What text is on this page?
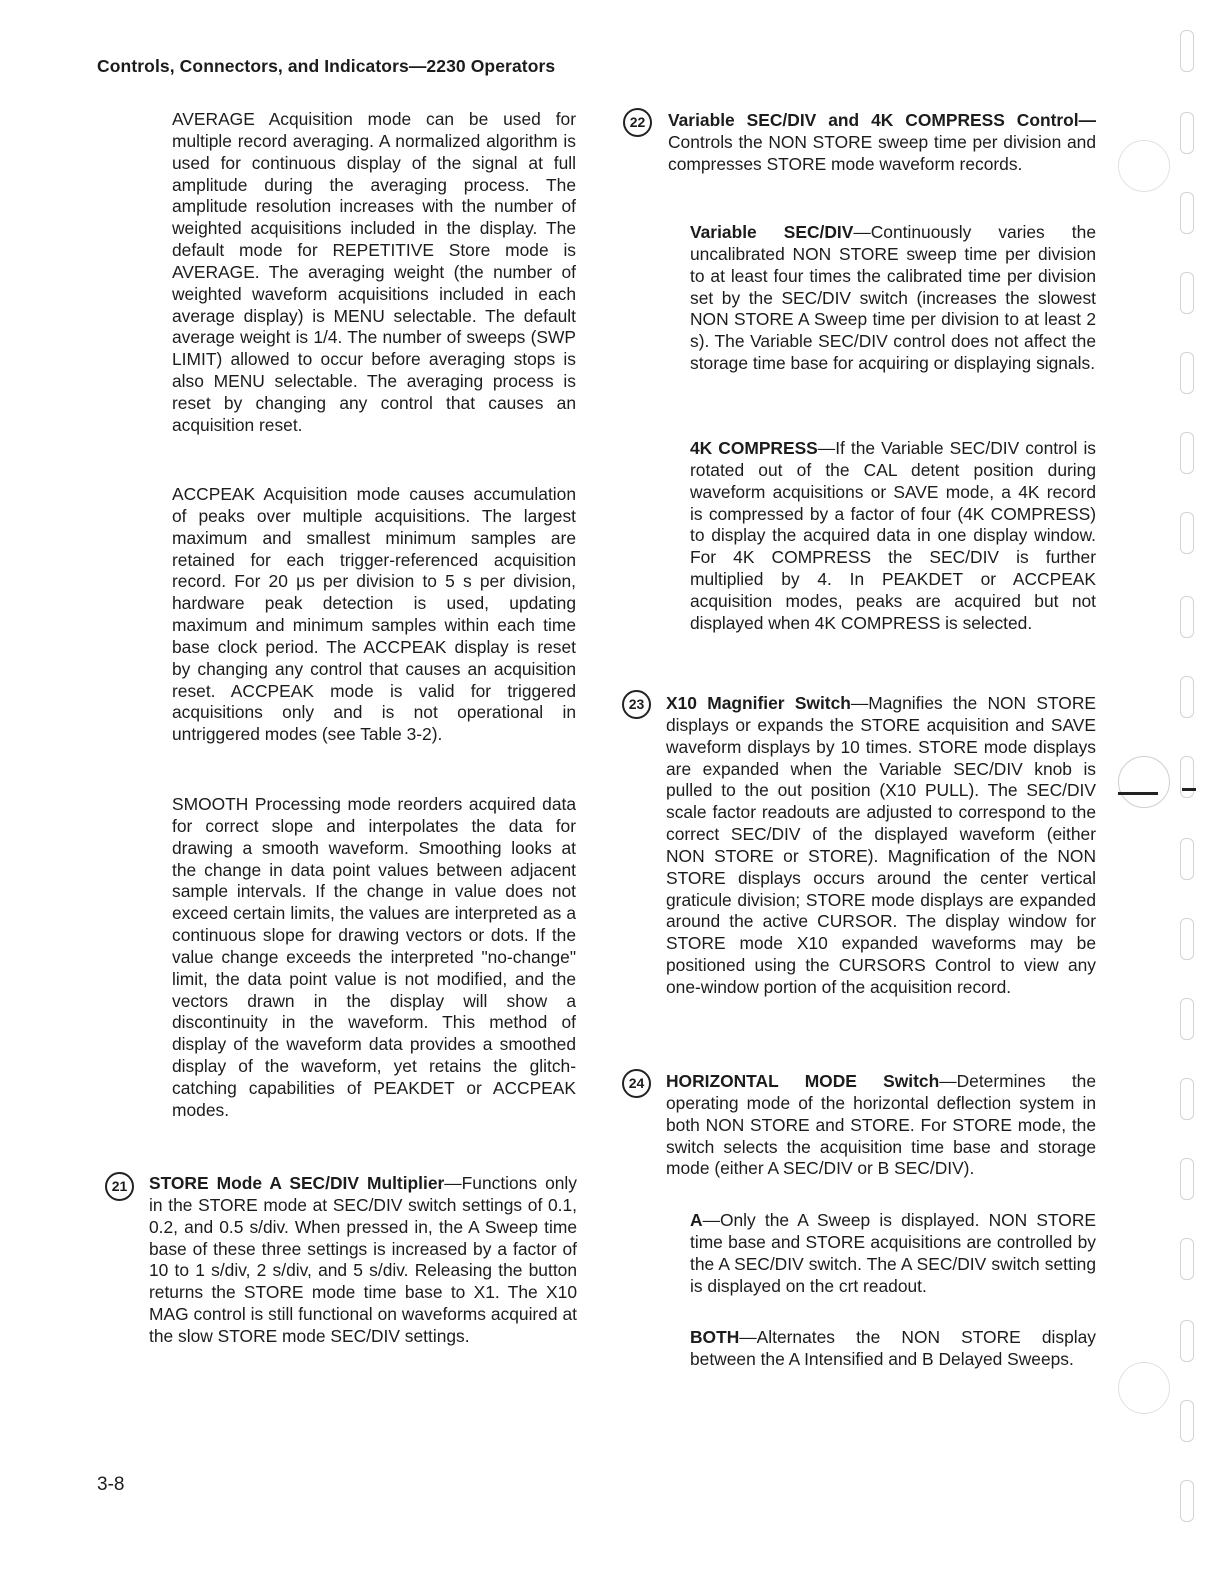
Controls, Connectors, and Indicators—2230 Operators

AVERAGE Acquisition mode can be used for multiple record averaging. A normalized algorithm is used for continuous display of the signal at full amplitude during the averaging process. The amplitude resolution increases with the number of weighted acquisitions included in the display. The default mode for REPETITIVE Store mode is AVERAGE. The averaging weight (the number of weighted waveform acquisitions included in each average display) is MENU selectable. The default average weight is 1/4. The number of sweeps (SWP LIMIT) allowed to occur before averaging stops is also MENU selectable. The averaging process is reset by changing any control that causes an acquisition reset.

ACCPEAK Acquisition mode causes accumulation of peaks over multiple acquisitions. The largest maximum and smallest minimum samples are retained for each trigger-referenced acquisition record. For 20 μs per division to 5 s per division, hardware peak detection is used, updating maximum and minimum samples within each time base clock period. The ACCPEAK display is reset by changing any control that causes an acquisition reset. ACCPEAK mode is valid for triggered acquisitions only and is not operational in untriggered modes (see Table 3-2).

SMOOTH Processing mode reorders acquired data for correct slope and interpolates the data for drawing a smooth waveform. Smoothing looks at the change in data point values between adjacent sample intervals. If the change in value does not exceed certain limits, the values are interpreted as a continuous slope for drawing vectors or dots. If the value change exceeds the interpreted "no-change" limit, the data point value is not modified, and the vectors drawn in the display will show a discontinuity in the waveform. This method of display of the waveform data provides a smoothed display of the waveform, yet retains the glitch-catching capabilities of PEAKDET or ACCPEAK modes.

21	STORE Mode A SEC/DIV Multiplier—Functions only in the STORE mode at SEC/DIV switch settings of 0.1, 0.2, and 0.5 s/div. When pressed in, the A Sweep time base of these three settings is increased by a factor of 10 to 1 s/div, 2 s/div, and 5 s/div. Releasing the button returns the STORE mode time base to X1. The X10 MAG control is still functional on waveforms acquired at the slow STORE mode SEC/DIV settings.

22	Variable SEC/DIV and 4K COMPRESS Control— Controls the NON STORE sweep time per division and compresses STORE mode waveform records.

Variable SEC/DIV—Continuously varies the uncalibrated NON STORE sweep time per division to at least four times the calibrated time per division set by the SEC/DIV switch (increases the slowest NON STORE A Sweep time per division to at least 2 s). The Variable SEC/DIV control does not affect the storage time base for acquiring or displaying signals.

4K COMPRESS—If the Variable SEC/DIV control is rotated out of the CAL detent position during waveform acquisitions or SAVE mode, a 4K record is compressed by a factor of four (4K COMPRESS) to display the acquired data in one display window. For 4K COMPRESS the SEC/DIV is further multiplied by 4. In PEAKDET or ACCPEAK acquisition modes, peaks are acquired but not displayed when 4K COMPRESS is selected.

23	X10 Magnifier Switch—Magnifies the NON STORE displays or expands the STORE acquisition and SAVE waveform displays by 10 times. STORE mode displays are expanded when the Variable SEC/DIV knob is pulled to the out position (X10 PULL). The SEC/DIV scale factor readouts are adjusted to correspond to the correct SEC/DIV of the displayed waveform (either NON STORE or STORE). Magnification of the NON STORE displays occurs around the center vertical graticule division; STORE mode displays are expanded around the active CURSOR. The display window for STORE mode X10 expanded waveforms may be positioned using the CURSORS Control to view any one-window portion of the acquisition record.

24	HORIZONTAL MODE Switch—Determines the operating mode of the horizontal deflection system in both NON STORE and STORE. For STORE mode, the switch selects the acquisition time base and storage mode (either A SEC/DIV or B SEC/DIV).

A—Only the A Sweep is displayed. NON STORE time base and STORE acquisitions are controlled by the A SEC/DIV switch. The A SEC/DIV switch setting is displayed on the crt readout.

BOTH—Alternates the NON STORE display between the A Intensified and B Delayed Sweeps.

3-8
